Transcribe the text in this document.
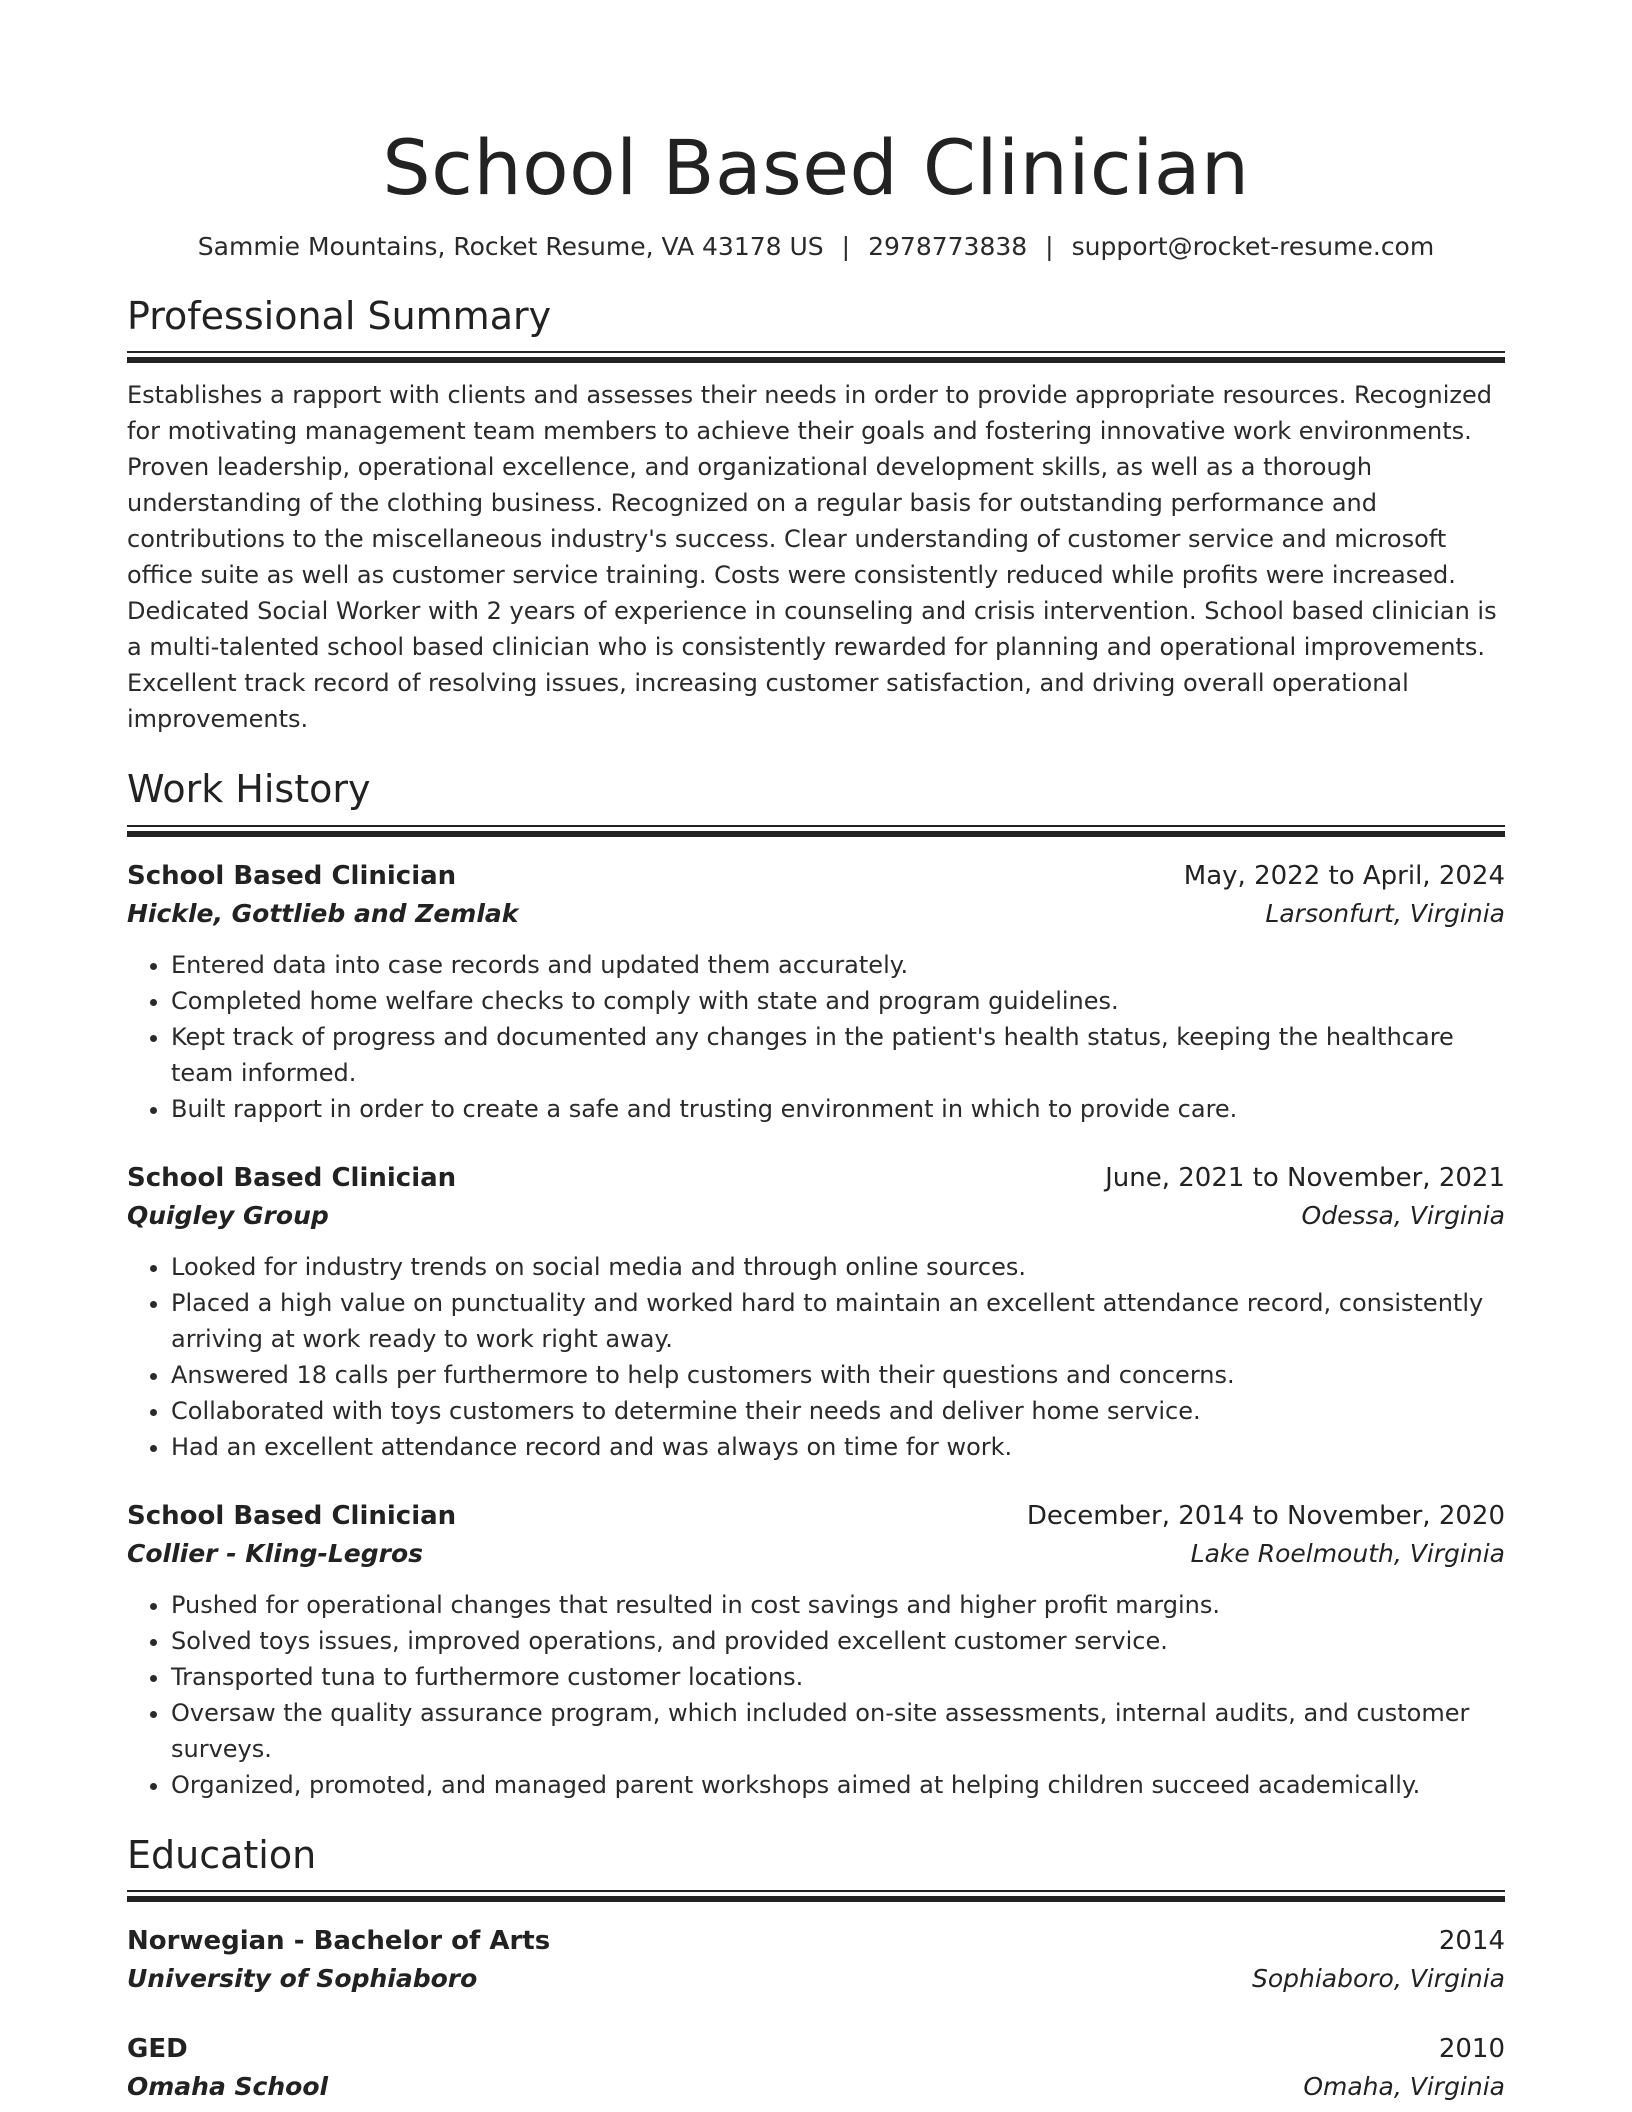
School Based Clinician
Sammie Mountains, Rocket Resume, VA 43178 US | 2978773838 | support@rocket-resume.com
Professional Summary
Establishes a rapport with clients and assesses their needs in order to provide appropriate resources. Recognized for motivating management team members to achieve their goals and fostering innovative work environments. Proven leadership, operational excellence, and organizational development skills, as well as a thorough understanding of the clothing business. Recognized on a regular basis for outstanding performance and contributions to the miscellaneous industry's success. Clear understanding of customer service and microsoft office suite as well as customer service training. Costs were consistently reduced while profits were increased. Dedicated Social Worker with 2 years of experience in counseling and crisis intervention. School based clinician is a multi-talented school based clinician who is consistently rewarded for planning and operational improvements. Excellent track record of resolving issues, increasing customer satisfaction, and driving overall operational improvements.
Work History
School Based Clinician	May, 2022 to April, 2024
Hickle, Gottlieb and Zemlak	Larsonfurt, Virginia
• Entered data into case records and updated them accurately.
• Completed home welfare checks to comply with state and program guidelines.
• Kept track of progress and documented any changes in the patient's health status, keeping the healthcare team informed.
• Built rapport in order to create a safe and trusting environment in which to provide care.
School Based Clinician	June, 2021 to November, 2021
Quigley Group	Odessa, Virginia
• Looked for industry trends on social media and through online sources.
• Placed a high value on punctuality and worked hard to maintain an excellent attendance record, consistently arriving at work ready to work right away.
• Answered 18 calls per furthermore to help customers with their questions and concerns.
• Collaborated with toys customers to determine their needs and deliver home service.
• Had an excellent attendance record and was always on time for work.
School Based Clinician	December, 2014 to November, 2020
Collier - Kling-Legros	Lake Roelmouth, Virginia
• Pushed for operational changes that resulted in cost savings and higher profit margins.
• Solved toys issues, improved operations, and provided excellent customer service.
• Transported tuna to furthermore customer locations.
• Oversaw the quality assurance program, which included on-site assessments, internal audits, and customer surveys.
• Organized, promoted, and managed parent workshops aimed at helping children succeed academically.
Education
Norwegian - Bachelor of Arts	2014
University of Sophiaboro	Sophiaboro, Virginia
GED	2010
Omaha School	Omaha, Virginia
